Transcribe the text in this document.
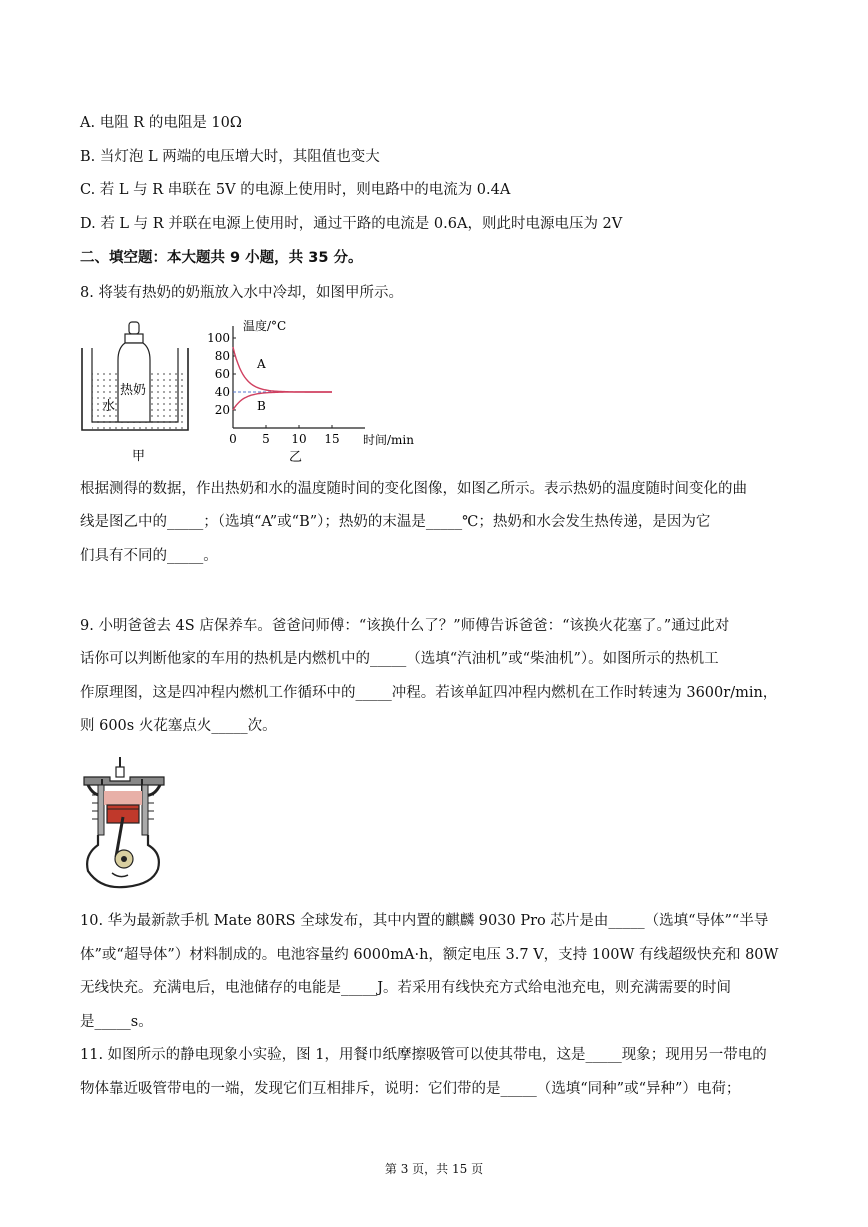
A. 电阻 R 的电阻是 10Ω
B. 当灯泡 L 两端的电压增大时，其阻值也变大
C. 若 L 与 R 串联在 5V 的电源上使用时，则电路中的电流为 0.4A
D. 若 L 与 R 并联在电源上使用时，通过干路的电流是 0.6A，则此时电源电压为 2V
二、填空题：本大题共 9 小题，共 35 分。
8. 将装有热奶的奶瓶放入水中冷却，如图甲所示。
热奶
水
甲
温度/°C
时间/min
乙
A
B
100
80
60
40
20
0 5 10 15
根据测得的数据，作出热奶和水的温度随时间的变化图像，如图乙所示。表示热奶的温度随时间变化的曲
线是图乙中的_____；（选填“A”或“B”）；热奶的末温是_____℃；热奶和水会发生热传递，是因为它
们具有不同的_____。
9. 小明爸爸去 4S 店保养车。爸爸问师傅：“该换什么了？”师傅告诉爸爸：“该换火花塞了。”通过此对
话你可以判断他家的车用的热机是内燃机中的_____（选填“汽油机”或“柴油机”）。如图所示的热机工
作原理图，这是四冲程内燃机工作循环中的_____冲程。若该单缸四冲程内燃机在工作时转速为 3600r/min，
则 600s 火花塞点火_____次。
10. 华为最新款手机 Mate 80RS 全球发布，其中内置的麒麟 9030 Pro 芯片是由_____（选填“导体”“半导
体”或“超导体”）材料制成的。电池容量约 6000mA·h，额定电压 3.7 V，支持 100W 有线超级快充和 80W
无线快充。充满电后，电池储存的电能是_____J。若采用有线快充方式给电池充电，则充满需要的时间
是_____s。
11. 如图所示的静电现象小实验，图 1，用餐巾纸摩擦吸管可以使其带电，这是_____现象；现用另一带电的
物体靠近吸管带电的一端，发现它们互相排斥，说明：它们带的是_____（选填“同种”或“异种”）电荷；
第 3 页，共 15 页
